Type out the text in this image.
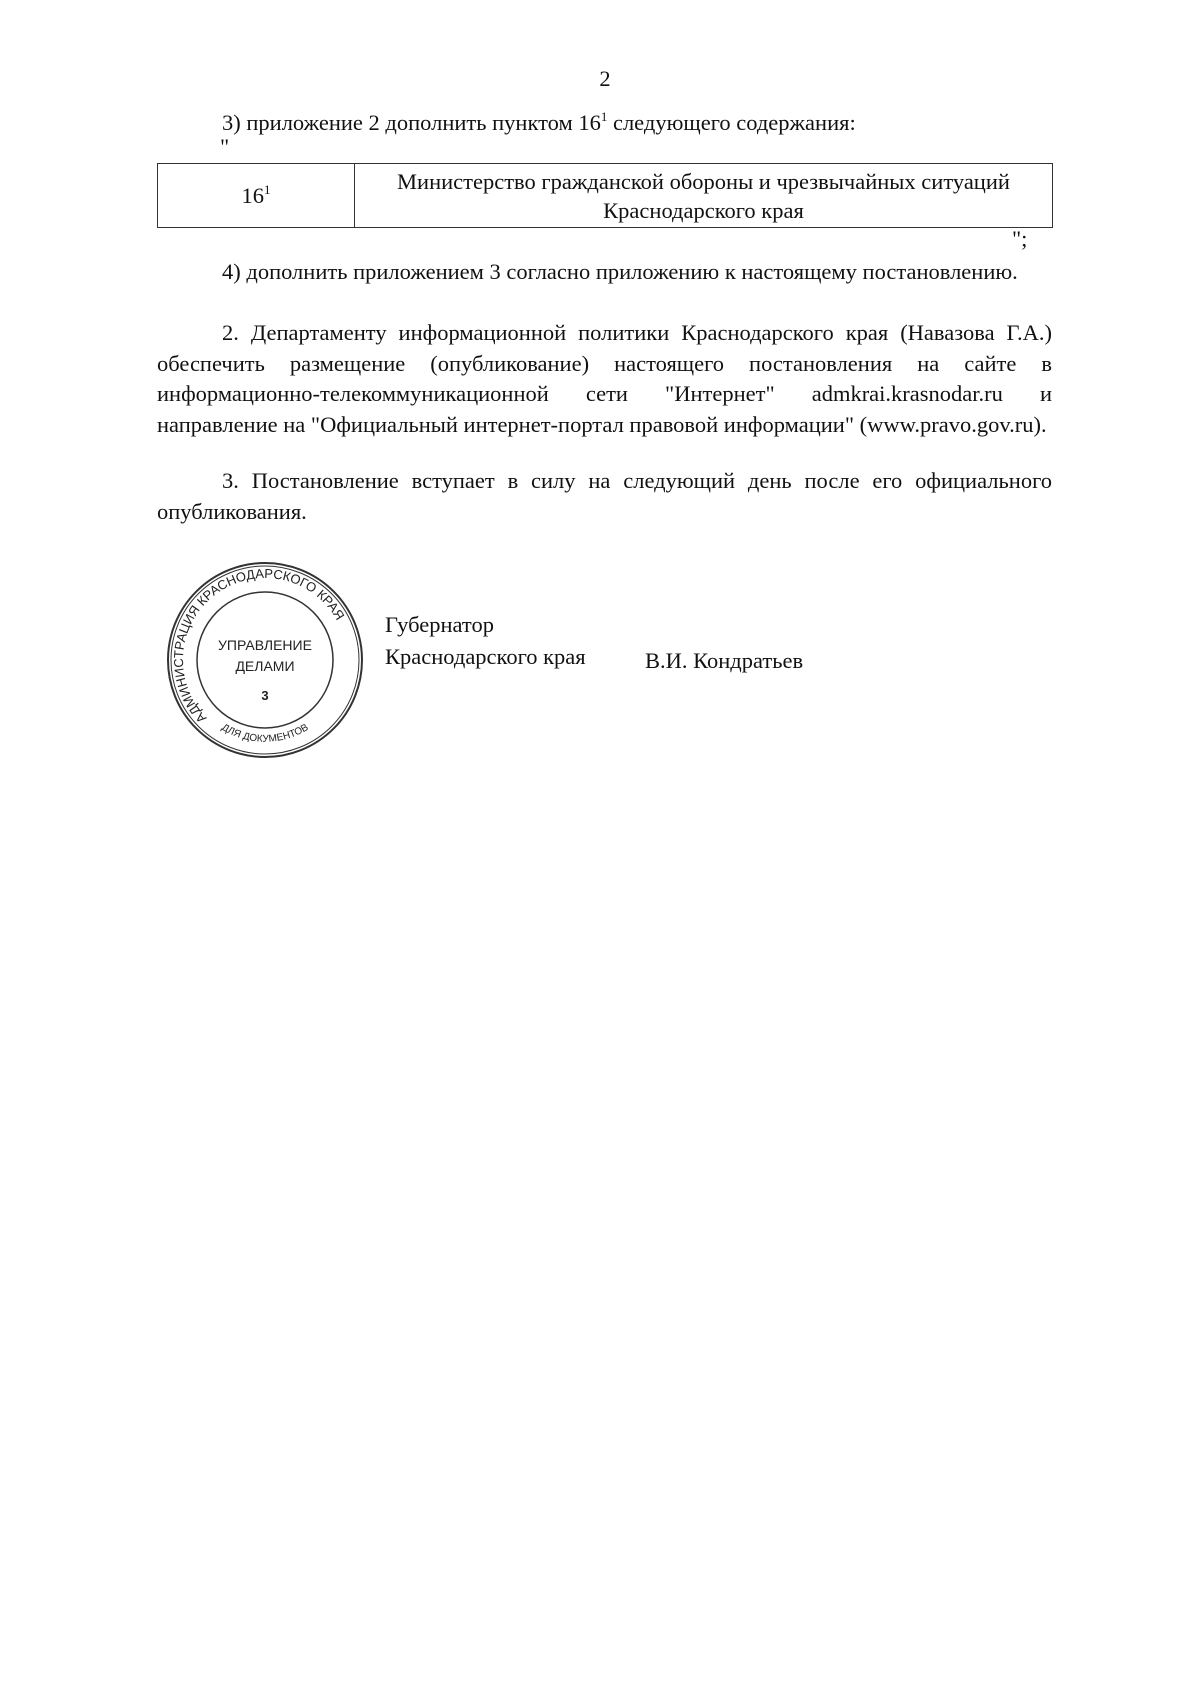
2
3) приложение 2 дополнить пунктом $16^1$ следующего содержания:
"
$16^1$	Министерство гражданской обороны и чрезвычайных ситуаций Краснодарского края
";
4) дополнить приложением 3 согласно приложению к настоящему постановлению.
2. Департаменту информационной политики Краснодарского края (Навазова Г.А.) обеспечить размещение (опубликование) настоящего постановления на сайте в информационно-телекоммуникационной сети "Интернет" admkrai.krasnodar.ru и направление на "Официальный интернет-портал правовой информации" (www.pravo.gov.ru).
3. Постановление вступает в силу на следующий день после его официального опубликования.
АДМИНИСТРАЦИЯ КРАСНОДАРСКОГО КРАЯ
ДЛЯ ДОКУМЕНТОВ
УПРАВЛЕНИЕ
ДЕЛАМИ
3
Губернатор
Краснодарского края	В.И. Кондратьев
